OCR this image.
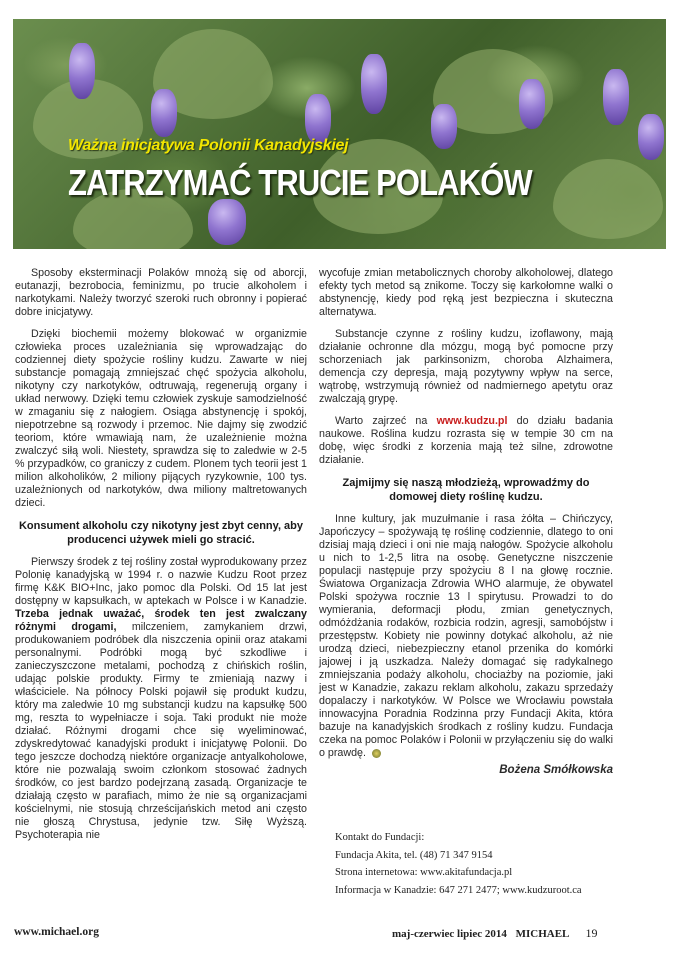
Ważna inicjatywa Polonii Kanadyjskiej
ZATRZYMAĆ TRUCIE POLAKÓW

Sposoby eksterminacji Polaków mnożą się od aborcji, eutanazji, bezrobocia, feminizmu, po trucie alkoholem i narkotykami. Należy tworzyć szeroki ruch obronny i popierać dobre inicjatywy.

Dzięki biochemii możemy blokować w organizmie człowieka proces uzależniania się wprowadzając do codziennej diety spożycie rośliny kudzu. Zawarte w niej substancje pomagają zmniejszać chęć spożycia alkoholu, nikotyny czy narkotyków, odtruwają, regenerują organy i układ nerwowy. Dzięki temu człowiek zyskuje samodzielność w zmaganiu się z nałogiem. Osiąga abstynencję i spokój, niepotrzebne są rozwody i przemoc. Nie dajmy się zwodzić teoriom, które wmawiają nam, że uzależnienie można zwalczyć siłą woli. Niestety, sprawdza się to zaledwie w 2-5 % przypadków, co graniczy z cudem. Plonem tych teorii jest 1 milion alkoholików, 2 miliony pijących ryzykownie, 100 tys. uzależnionych od narkotyków, dwa miliony maltretowanych dzieci.

Konsument alkoholu czy nikotyny jest zbyt cenny, aby producenci używek mieli go stracić.

Pierwszy środek z tej rośliny został wyprodukowany przez Polonię kanadyjską w 1994 r. o nazwie Kudzu Root przez firmę K&K BIO+Inc, jako pomoc dla Polski. Od 15 lat jest dostępny w kapsułkach, w aptekach w Polsce i w Kanadzie. Trzeba jednak uważać, środek ten jest zwalczany różnymi drogami, milczeniem, zamykaniem drzwi, produkowaniem podróbek dla niszczenia opinii oraz atakami personalnymi. Podróbki mogą być szkodliwe i zanieczyszczone metalami, pochodzą z chińskich roślin, udając polskie produkty. Firmy te zmieniają nazwy i właściciele. Na północy Polski pojawił się produkt kudzu, który ma zaledwie 10 mg substancji kudzu na kapsułkę 500 mg, reszta to wypełniacze i soja. Taki produkt nie może działać. Różnymi drogami chce się wyeliminować, zdyskredytować kanadyjski produkt i inicjatywę Polonii. Do tego jeszcze dochodzą niektóre organizacje antyalkoholowe, które nie pozwalają swoim członkom stosować żadnych środków, co jest bardzo podejrzaną zasadą. Organizacje te działają często w parafiach, mimo że nie są organizacjami kościelnymi, nie stosują chrześcijańskich metod ani często nie głoszą Chrystusa, jedynie tzw. Siłę Wyższą. Psychoterapia nie

wycofuje zmian metabolicznych choroby alkoholowej, dlatego efekty tych metod są znikome. Toczy się karkołomne walki o abstynencję, kiedy pod ręką jest bezpieczna i skuteczna alternatywa.

Substancje czynne z rośliny kudzu, izoflawony, mają działanie ochronne dla mózgu, mogą być pomocne przy schorzeniach jak parkinsonizm, choroba Alzhaimera, demencja czy depresja, mają pozytywny wpływ na serce, wątrobę, wstrzymują również od nadmiernego apetytu oraz zwalczają grypę.

Warto zajrzeć na www.kudzu.pl do działu badania naukowe. Roślina kudzu rozrasta się w tempie 30 cm na dobę, więc środki z korzenia mają też silne, zdrowotne działanie.

Zajmijmy się naszą młodzieżą, wprowadźmy do domowej diety roślinę kudzu.

Inne kultury, jak muzułmanie i rasa żółta – Chińczycy, Japończycy – spożywają tę roślinę codziennie, dlatego to oni dzisiaj mają dzieci i oni nie mają nałogów. Spożycie alkoholu u nich to 1-2,5 litra na osobę. Genetyczne niszczenie populacji następuje przy spożyciu 8 l na głowę rocznie. Światowa Organizacja Zdrowia WHO alarmuje, że obywatel Polski spożywa rocznie 13 l spirytusu. Prowadzi to do wymierania, deformacji płodu, zmian genetycznych, odmóżdżania rodaków, rozbicia rodzin, agresji, samobójstw i przestępstw. Kobiety nie powinny dotykać alkoholu, aż nie urodzą dzieci, niebezpieczny etanol przenika do komórki jajowej i ją uszkadza. Należy domagać się radykalnego zmniejszania podaży alkoholu, chociażby na poziomie, jaki jest w Kanadzie, zakazu reklam alkoholu, zakazu sprzedaży dopalaczy i narkotyków. W Polsce we Wrocławiu powstała innowacyjna Poradnia Rodzinna przy Fundacji Akita, która bazuje na kanadyjskich środkach z rośliny kudzu. Fundacja czeka na pomoc Polaków i Polonii w przyłączeniu się do walki o prawdę.

Bożena Smółkowska
Kontakt do Fundacji:
Fundacja Akita, tel. (48) 71 347 9154
Strona internetowa: www.akitafundacja.pl
Informacja w Kanadzie: 647 271 2477; www.kudzuroot.ca
www.michael.org	maj-czerwiec lipiec 2014 MICHAEL 19
